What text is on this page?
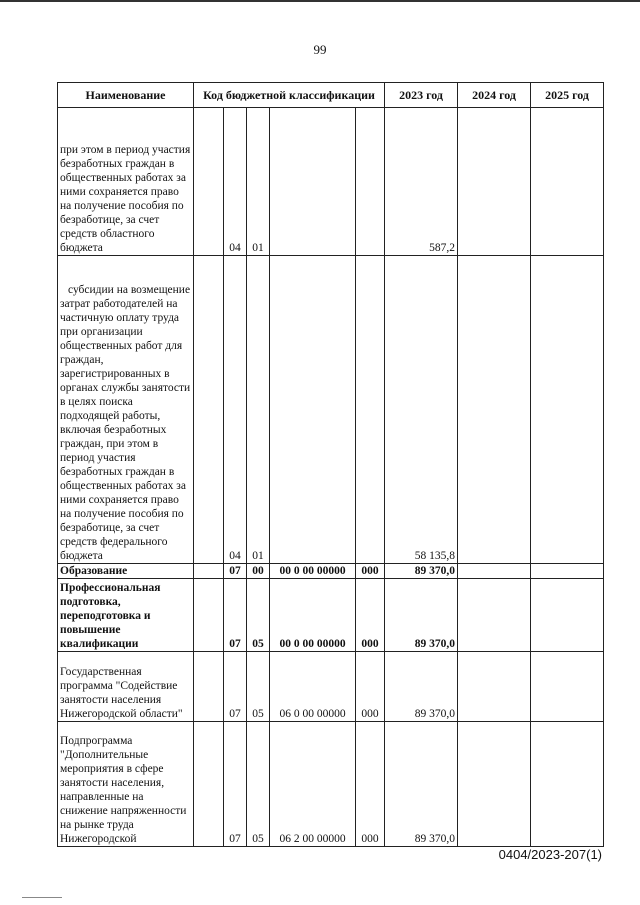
99
Наименование	Код бюджетной классификации					2023 год	2024 год	2025 год
при этом в период участия безработных граждан в общественных работах за ними сохраняется право на получение пособия по безработице, за счет средств областного бюджета		04	01			587,2		
субсидии на возмещение затрат работодателей на частичную оплату труда при организации общественных работ для граждан, зарегистрированных в органах службы занятости в целях поиска подходящей работы, включая безработных граждан, при этом в период участия безработных граждан в общественных работах за ними сохраняется право на получение пособия по безработице, за счет средств федерального бюджета		04	01			58 135,8		
Образование		07	00	00 0 00 00000	000	89 370,0		
Профессиональная подготовка, переподготовка и повышение квалификации		07	05	00 0 00 00000	000	89 370,0		
Государственная программа "Содействие занятости населения Нижегородской области"		07	05	06 0 00 00000	000	89 370,0		
Подпрограмма "Дополнительные мероприятия в сфере занятости населения, направленные на снижение напряженности на рынке труда Нижегородской		07	05	06 2 00 00000	000	89 370,0		
0404/2023-207(1)
